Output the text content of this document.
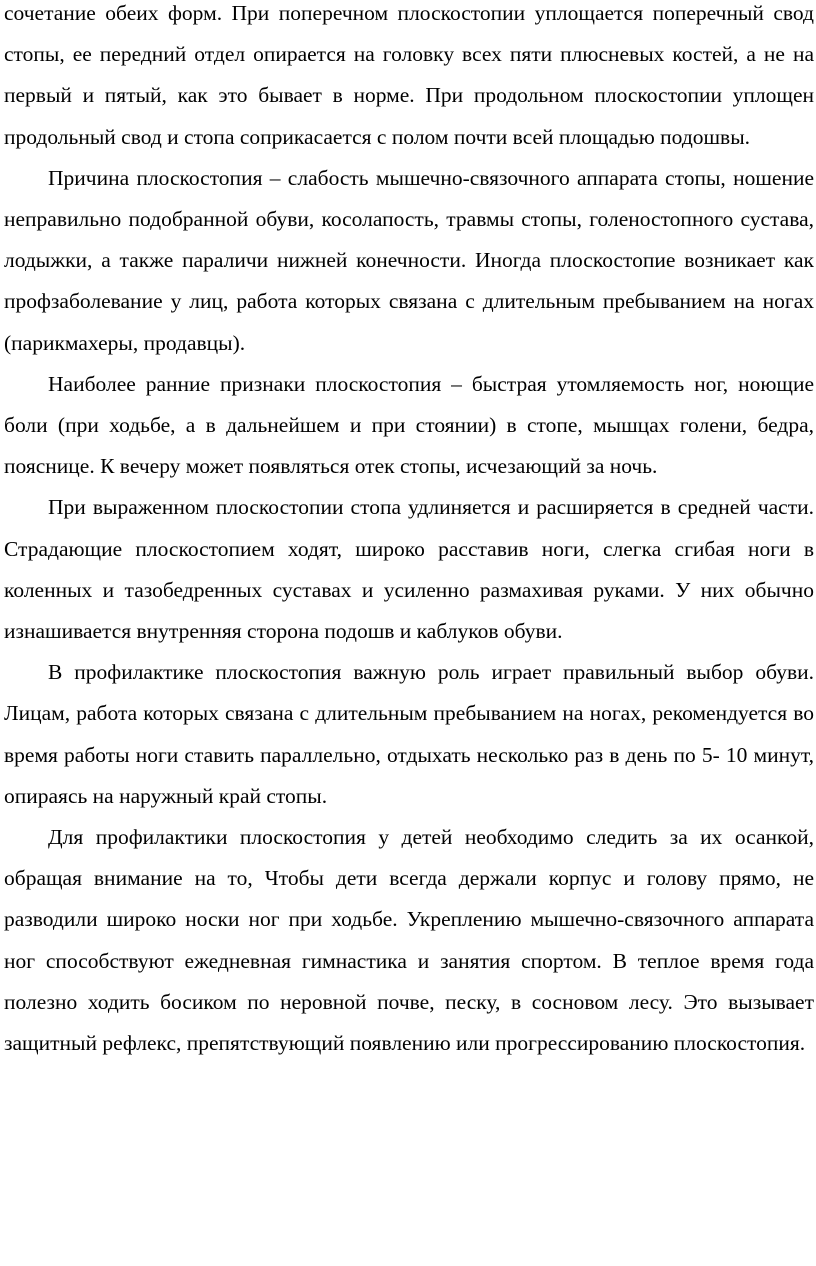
сочетание обеих форм. При поперечном плоскостопии уплощается поперечный свод стопы, ее передний отдел опирается на головку всех пяти плюсневых костей, а не на первый и пятый, как это бывает в норме. При продольном плоскостопии уплощен продольный свод и стопа соприкасается с полом почти всей площадью подошвы.

Причина плоскостопия – слабость мышечно-связочного аппарата стопы, ношение неправильно подобранной обуви, косолапость, травмы стопы, голеностопного сустава, лодыжки, а также параличи нижней конечности. Иногда плоскостопие возникает как профзаболевание у лиц, работа которых связана с длительным пребыванием на ногах (парикмахеры, продавцы).

Наиболее ранние признаки плоскостопия – быстрая утомляемость ног, ноющие боли (при ходьбе, а в дальнейшем и при стоянии) в стопе, мышцах голени, бедра, пояснице. К вечеру может появляться отек стопы, исчезающий за ночь.

При выраженном плоскостопии стопа удлиняется и расширяется в средней части. Страдающие плоскостопием ходят, широко расставив ноги, слегка сгибая ноги в коленных и тазобедренных суставах и усиленно размахивая руками. У них обычно изнашивается внутренняя сторона подошв и каблуков обуви.

В профилактике плоскостопия важную роль играет правильный выбор обуви. Лицам, работа которых связана с длительным пребыванием на ногах, рекомендуется во время работы ноги ставить параллельно, отдыхать несколько раз в день по 5- 10 минут, опираясь на наружный край стопы.

Для профилактики плоскостопия у детей необходимо следить за их осанкой, обращая внимание на то, Чтобы дети всегда держали корпус и голову прямо, не разводили широко носки ног при ходьбе. Укреплению мышечно-связочного аппарата ног способствуют ежедневная гимнастика и занятия спортом. В теплое время года полезно ходить босиком по неровной почве, песку, в сосновом лесу. Это вызывает защитный рефлекс, препятствующий появлению или прогрессированию плоскостопия.
